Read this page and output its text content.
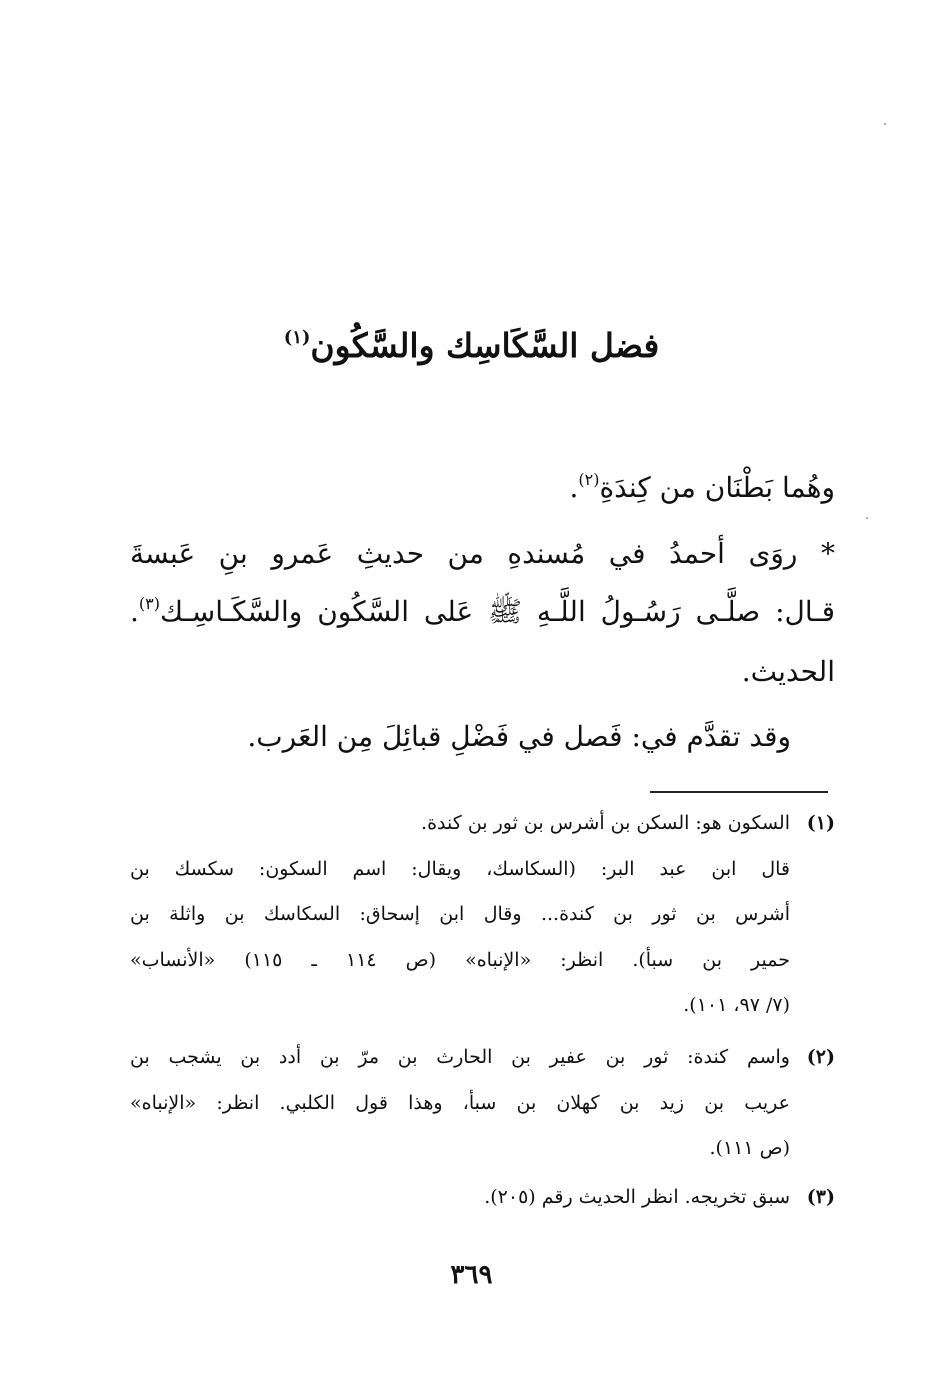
فضل السَّكَاسِك والسَّكُون$^{(١)}$
وهُما بَطْنَان من كِندَةِ$^{(٢)}$.
* روَى أحمدُ في مُسندهِ من حديثِ عَمرو بنِ عَبسةَ
قـال: صلَّـى رَسُـولُ اللَّـهِ ﷺ عَلى السَّكُون والسَّكَـاسِـك$^{(٣)}$.
الحديث.
وقد تقدَّم في: فَصل في فَضْلِ قبائِلَ مِن العَرب.
(١)
السكون هو: السكن بن أشرس بن ثور بن كندة.
قال ابن عبد البر: (السكاسك، ويقال: اسم السكون: سكسك بن
أشرس بن ثور بن كندة... وقال ابن إسحاق: السكاسك بن واثلة بن
حمير بن سبأ). انظر: «الإنباه» (ص ١١٤ ـ ١١٥) «الأنساب»
(٧/ ٩٧، ١٠١).
(٢)
واسم كندة: ثور بن عفير بن الحارث بن مرّ بن أدد بن يشجب بن
عريب بن زيد بن كهلان بن سبأ، وهذا قول الكلبي. انظر: «الإنباه»
(ص ١١١).
(٣)
سبق تخريجه. انظر الحديث رقم (٢٠٥).
٣٦٩
